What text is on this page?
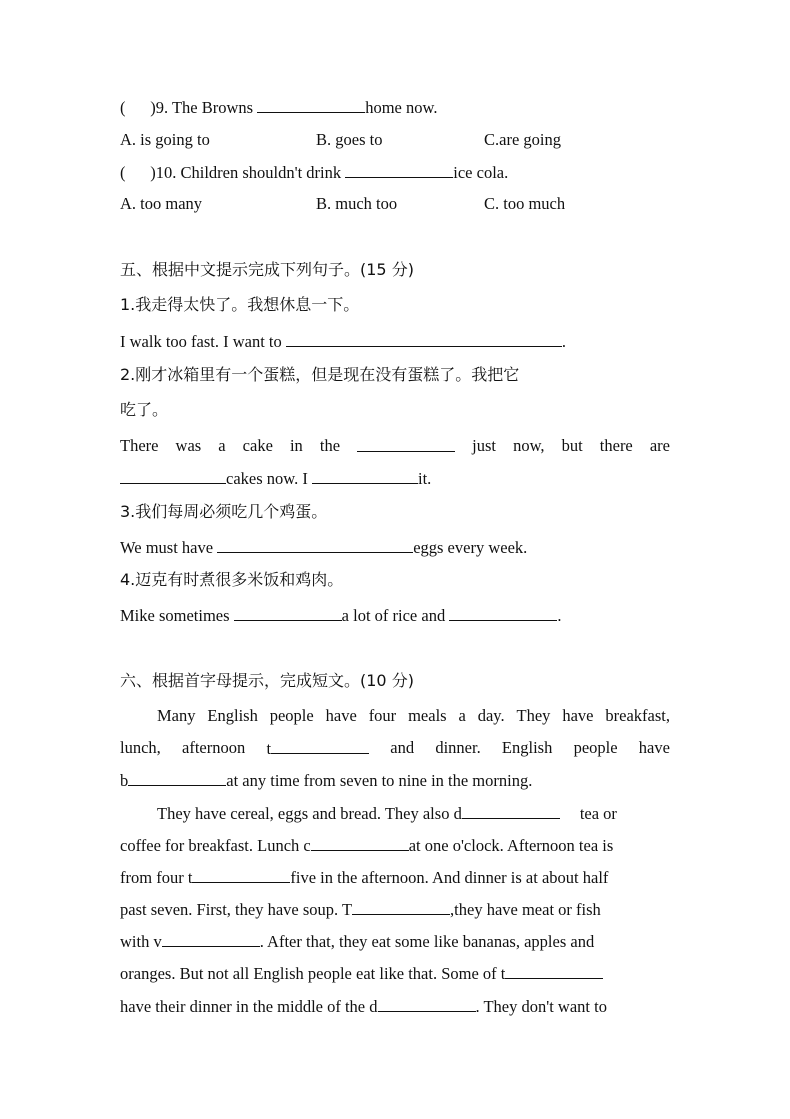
(      )9. The Browns	home now.
A. is going to	B. goes to	C.are going
(      )10. Children shouldn't drink	ice cola.
A. too many	B. much too	C. too much
五、根据中文提示完成下列句子。(15 分)
1.我走得太快了。我想休息一下。
I walk too fast. I want to	.
2.刚才冰箱里有一个蛋糕，但是现在没有蛋糕了。我把它
吃了。
There was a cake in the	just now, but there are
cakes now. I	it.
3.我们每周必须吃几个鸡蛋。
We must have	eggs every week.
4.迈克有时煮很多米饭和鸡肉。
Mike sometimes	a lot of rice and	.
六、根据首字母提示，完成短文。(10 分)
Many English people have four meals a day. They have breakfast,
lunch, afternoon t	and dinner. English people have
b	at any time from seven to nine in the morning.
They have cereal, eggs and bread. They also d	tea or
coffee for breakfast. Lunch c	at one o'clock. Afternoon tea is
from four t	five in the afternoon. And dinner is at about half
past seven. First, they have soup. T	,they have meat or fish
with v	. After that, they eat some like bananas, apples and
oranges. But not all English people eat like that. Some of t
have their dinner in the middle of the d	. They don't want to
